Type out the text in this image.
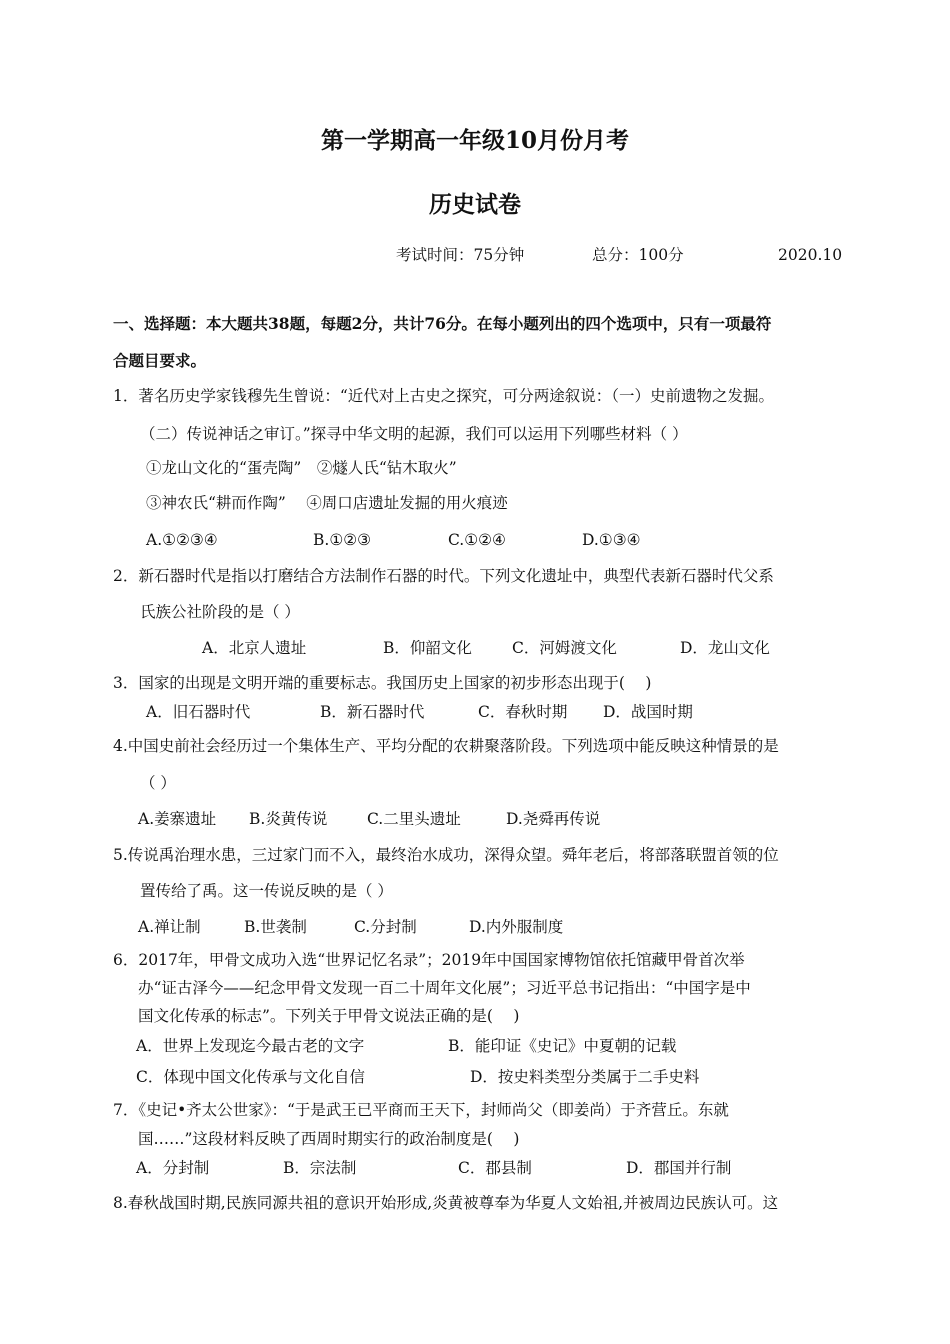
第一学期高一年级10月份月考
历史试卷
考试时间：75分钟	总分：100分	2020.10
一、选择题：本大题共38题，每题2分，共计76分。在每小题列出的四个选项中，只有一项最符
合题目要求。
1．著名历史学家钱穆先生曾说：“近代对上古史之探究，可分两途叙说：（一）史前遗物之发掘。
（二）传说神话之审订。”探寻中华文明的起源，我们可以运用下列哪些材料（ ）
①龙山文化的“蛋壳陶”　②燧人氏“钻木取火”
③神农氏“耕而作陶”　 ④周口店遗址发掘的用火痕迹
A.①②③④	B.①②③	C.①②④	D.①③④
2．新石器时代是指以打磨结合方法制作石器的时代。下列文化遗址中，典型代表新石器时代父系
氏族公社阶段的是（ ）
A．北京人遗址	B．仰韶文化	C．河姆渡文化	D．龙山文化
3．国家的出现是文明开端的重要标志。我国历史上国家的初步形态出现于(　 )
A．旧石器时代	B．新石器时代	C．春秋时期 D．战国时期
4.中国史前社会经历过一个集体生产、平均分配的农耕聚落阶段。下列选项中能反映这种情景的是
（ ）
A.姜寨遗址 B.炎黄传说	C.二里头遗址	D.尧舜再传说
5.传说禹治理水患，三过家门而不入，最终治水成功，深得众望。舜年老后，将部落联盟首领的位
置传给了禹。这一传说反映的是（ ）
A.禅让制	B.世袭制	C.分封制	D.内外服制度
6．2017年，甲骨文成功入选“世界记忆名录”；2019年中国国家博物馆依托馆藏甲骨首次举
办“证古泽今——纪念甲骨文发现一百二十周年文化展”；习近平总书记指出：“中国字是中
国文化传承的标志”。下列关于甲骨文说法正确的是(　 )
A．世界上发现迄今最古老的文字	B．能印证《史记》中夏朝的记载
C．体现中国文化传承与文化自信	D．按史料类型分类属于二手史料
7．《史记•齐太公世家》：“于是武王已平商而王天下，封师尚父（即姜尚）于齐营丘。东就
国……”这段材料反映了西周时期实行的政治制度是(　 )
A．分封制	B．宗法制	C．郡县制	D．郡国并行制
8.春秋战国时期,民族同源共祖的意识开始形成,炎黄被尊奉为华夏人文始祖,并被周边民族认可。这
